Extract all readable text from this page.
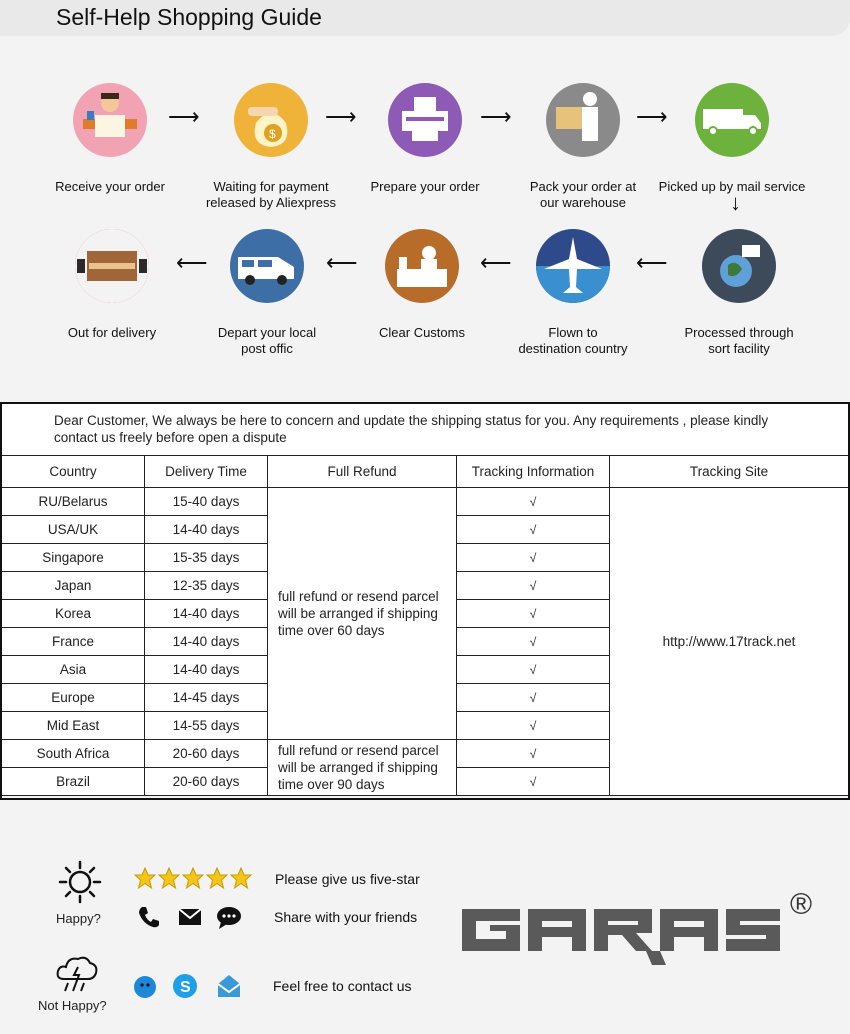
Self-Help Shopping Guide
Receive your order
⟶
$
Waiting for payment
released by Aliexpress
⟶
Prepare your order
⟶
Pack your order at
our warehouse
⟶
Picked up by mail service
↓
Processed through
sort facility
⟵
Flown to
destination country
⟵
Clear Customs
⟵
Depart your local
post offic
⟵
Out for delivery
Dear Customer, We always be here to concern and update the shipping status for you. Any requirements , please kindly contact us freely before open a dispute				
Country	Delivery Time	Full Refund	Tracking Information	Tracking Site
RU/Belarus	15-40 days	full refund or resend parcel will be arranged if shipping time over 60 days	√	http://www.17track.net
USA/UK	14-40 days		√	
Singapore	15-35 days		√	
Japan	12-35 days		√	
Korea	14-40 days		√	
France	14-40 days		√	
Asia	14-40 days		√	
Europe	14-45 days		√	
Mid East	14-55 days		√	
South Africa	20-60 days	full refund or resend parcel will be arranged if shipping time over 90 days	√	
Brazil	20-60 days		√	
Happy?
Not Happy?
Please give us five-star
Share with your friends
S	Feel free to contact us
®
